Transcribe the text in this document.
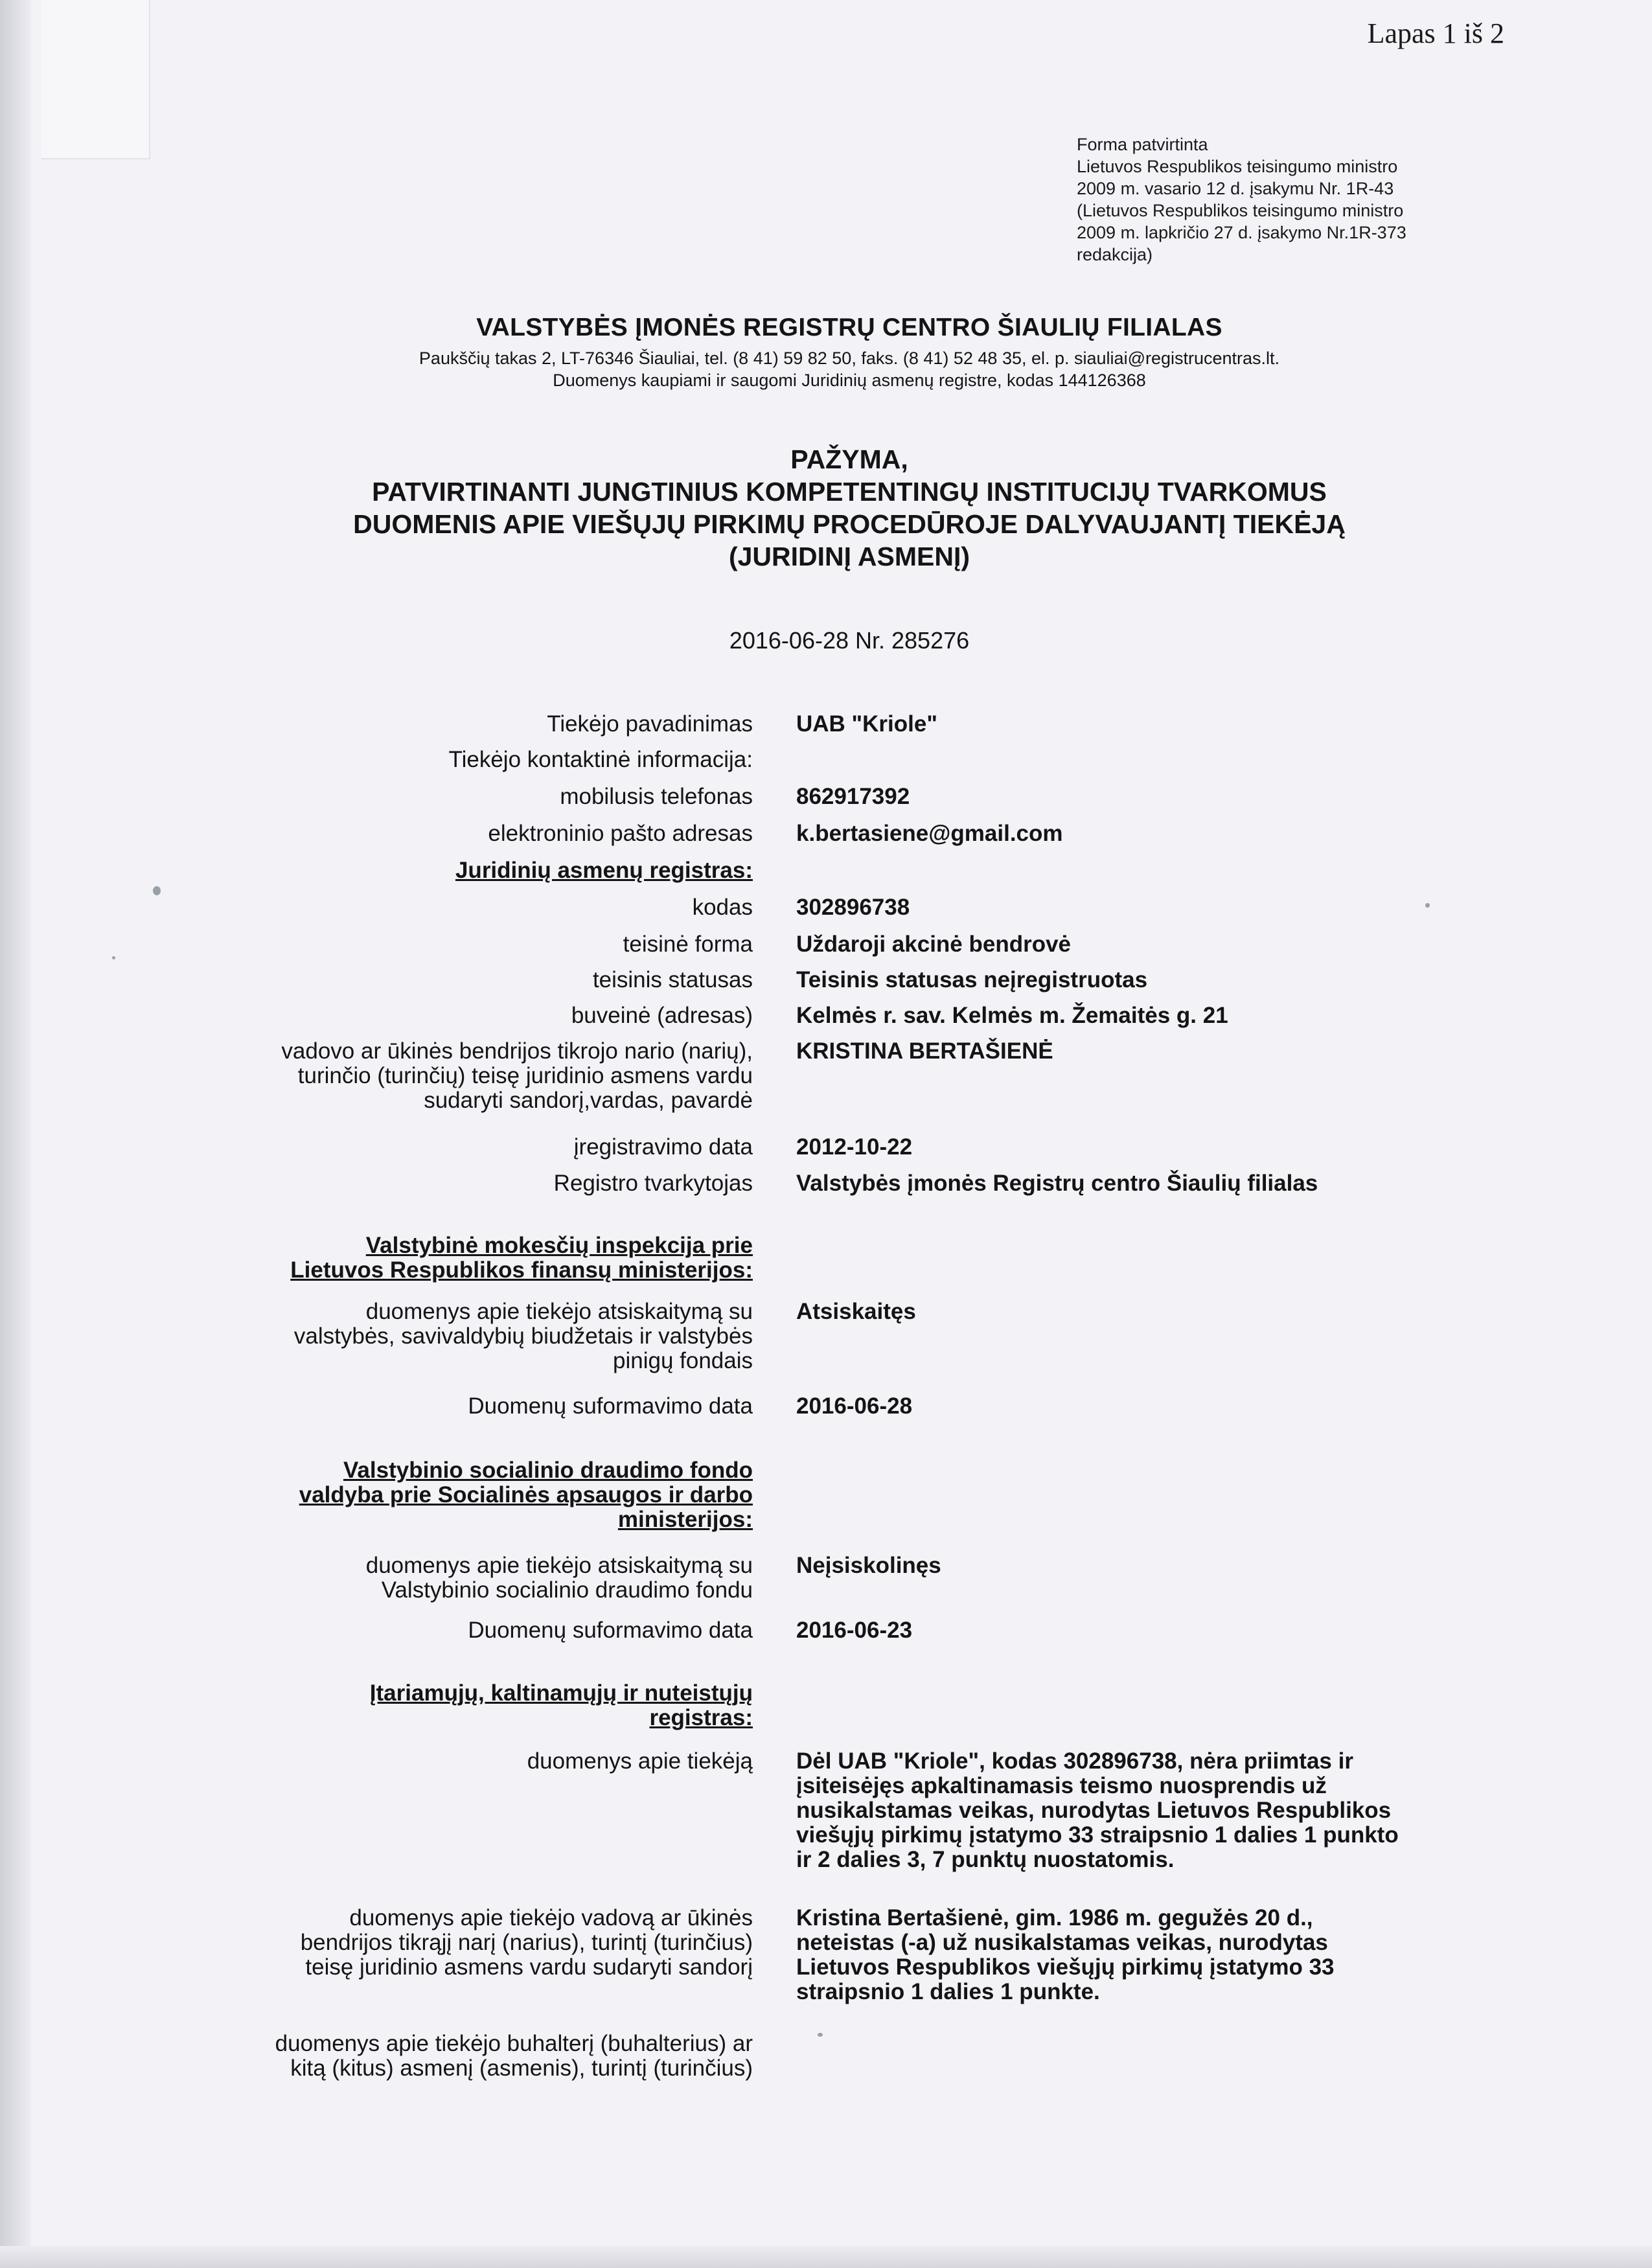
Lapas 1 iš 2
Forma patvirtinta
Lietuvos Respublikos teisingumo ministro
2009 m. vasario 12 d. įsakymu Nr. 1R-43
(Lietuvos Respublikos teisingumo ministro
2009 m. lapkričio 27 d. įsakymo Nr.1R-373
redakcija)
VALSTYBĖS ĮMONĖS REGISTRŲ CENTRO ŠIAULIŲ FILIALAS
Paukščių takas 2, LT-76346 Šiauliai, tel. (8 41) 59 82 50, faks. (8 41) 52 48 35, el. p. siauliai@registrucentras.lt.
Duomenys kaupiami ir saugomi Juridinių asmenų registre, kodas 144126368
PAŽYMA,
PATVIRTINANTI JUNGTINIUS KOMPETENTINGŲ INSTITUCIJŲ TVARKOMUS
DUOMENIS APIE VIEŠŲJŲ PIRKIMŲ PROCEDŪROJE DALYVAUJANTĮ TIEKĖJĄ
(JURIDINĮ ASMENĮ)
2016-06-28 Nr. 285276
Tiekėjo pavadinimas UAB "Kriole"
Tiekėjo kontaktinė informacija:
mobilusis telefonas 862917392
elektroninio pašto adresas k.bertasiene@gmail.com
Juridinių asmenų registras:
kodas 302896738
teisinė forma Uždaroji akcinė bendrovė
teisinis statusas Teisinis statusas neįregistruotas
buveinė (adresas) Kelmės r. sav. Kelmės m. Žemaitės g. 21
vadovo ar ūkinės bendrijos tikrojo nario (narių),
turinčio (turinčių) teisę juridinio asmens vardu
sudaryti sandorį,vardas, pavardė
KRISTINA BERTAŠIENĖ
įregistravimo data 2012-10-22
Registro tvarkytojas Valstybės įmonės Registrų centro Šiaulių filialas
Valstybinė mokesčių inspekcija prie
Lietuvos Respublikos finansų ministerijos:
duomenys apie tiekėjo atsiskaitymą su
valstybės, savivaldybių biudžetais ir valstybės
pinigų fondais
Atsiskaitęs
Duomenų suformavimo data 2016-06-28
Valstybinio socialinio draudimo fondo
valdyba prie Socialinės apsaugos ir darbo
ministerijos:
duomenys apie tiekėjo atsiskaitymą su
Valstybinio socialinio draudimo fondu
Neįsiskolinęs
Duomenų suformavimo data 2016-06-23
Įtariamųjų, kaltinamųjų ir nuteistųjų
registras:
duomenys apie tiekėją Dėl UAB "Kriole", kodas 302896738, nėra priimtas ir
įsiteisėjęs apkaltinamasis teismo nuosprendis už
nusikalstamas veikas, nurodytas Lietuvos Respublikos
viešųjų pirkimų įstatymo 33 straipsnio 1 dalies 1 punkto
ir 2 dalies 3, 7 punktų nuostatomis.
duomenys apie tiekėjo vadovą ar ūkinės
bendrijos tikrąjį narį (narius), turintį (turinčius)
teisę juridinio asmens vardu sudaryti sandorį
Kristina Bertašienė, gim. 1986 m. gegužės 20 d.,
neteistas (-a) už nusikalstamas veikas, nurodytas
Lietuvos Respublikos viešųjų pirkimų įstatymo 33
straipsnio 1 dalies 1 punkte.
duomenys apie tiekėjo buhalterį (buhalterius) ar
kitą (kitus) asmenį (asmenis), turintį (turinčius)
